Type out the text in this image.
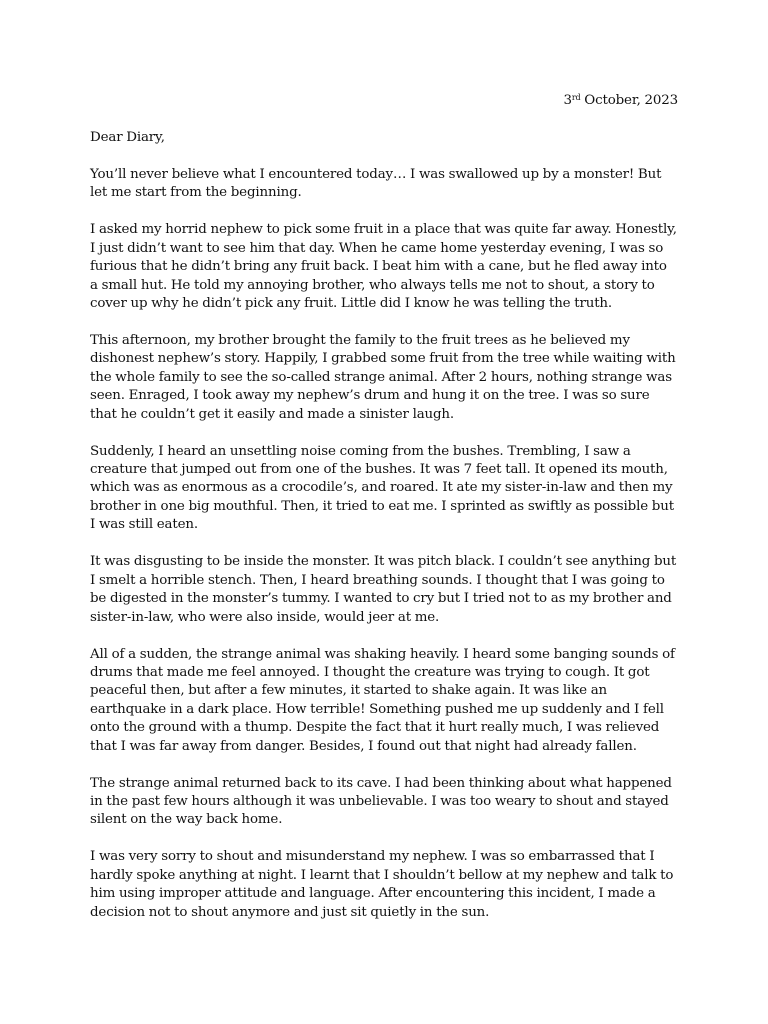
3rd October, 2023

Dear Diary,

You’ll never believe what I encountered today… I was swallowed up by a monster! But let me start from the beginning.

I asked my horrid nephew to pick some fruit in a place that was quite far away. Honestly, I just didn’t want to see him that day. When he came home yesterday evening, I was so furious that he didn’t bring any fruit back. I beat him with a cane, but he fled away into a small hut. He told my annoying brother, who always tells me not to shout, a story to cover up why he didn’t pick any fruit. Little did I know he was telling the truth.

This afternoon, my brother brought the family to the fruit trees as he believed my dishonest nephew’s story. Happily, I grabbed some fruit from the tree while waiting with the whole family to see the so-called strange animal. After 2 hours, nothing strange was seen. Enraged, I took away my nephew’s drum and hung it on the tree. I was so sure that he couldn’t get it easily and made a sinister laugh.

Suddenly, I heard an unsettling noise coming from the bushes. Trembling, I saw a creature that jumped out from one of the bushes. It was 7 feet tall. It opened its mouth, which was as enormous as a crocodile’s, and roared. It ate my sister-in-law and then my brother in one big mouthful. Then, it tried to eat me. I sprinted as swiftly as possible but I was still eaten.

It was disgusting to be inside the monster. It was pitch black. I couldn’t see anything but I smelt a horrible stench. Then, I heard breathing sounds. I thought that I was going to be digested in the monster’s tummy. I wanted to cry but I tried not to as my brother and sister-in-law, who were also inside, would jeer at me.

All of a sudden, the strange animal was shaking heavily. I heard some banging sounds of drums that made me feel annoyed. I thought the creature was trying to cough. It got peaceful then, but after a few minutes, it started to shake again. It was like an earthquake in a dark place. How terrible! Something pushed me up suddenly and I fell onto the ground with a thump. Despite the fact that it hurt really much, I was relieved that I was far away from danger. Besides, I found out that night had already fallen.

The strange animal returned back to its cave. I had been thinking about what happened in the past few hours although it was unbelievable. I was too weary to shout and stayed silent on the way back home.

I was very sorry to shout and misunderstand my nephew. I was so embarrassed that I hardly spoke anything at night. I learnt that I shouldn’t bellow at my nephew and talk to him using improper attitude and language. After encountering this incident, I made a decision not to shout anymore and just sit quietly in the sun.
